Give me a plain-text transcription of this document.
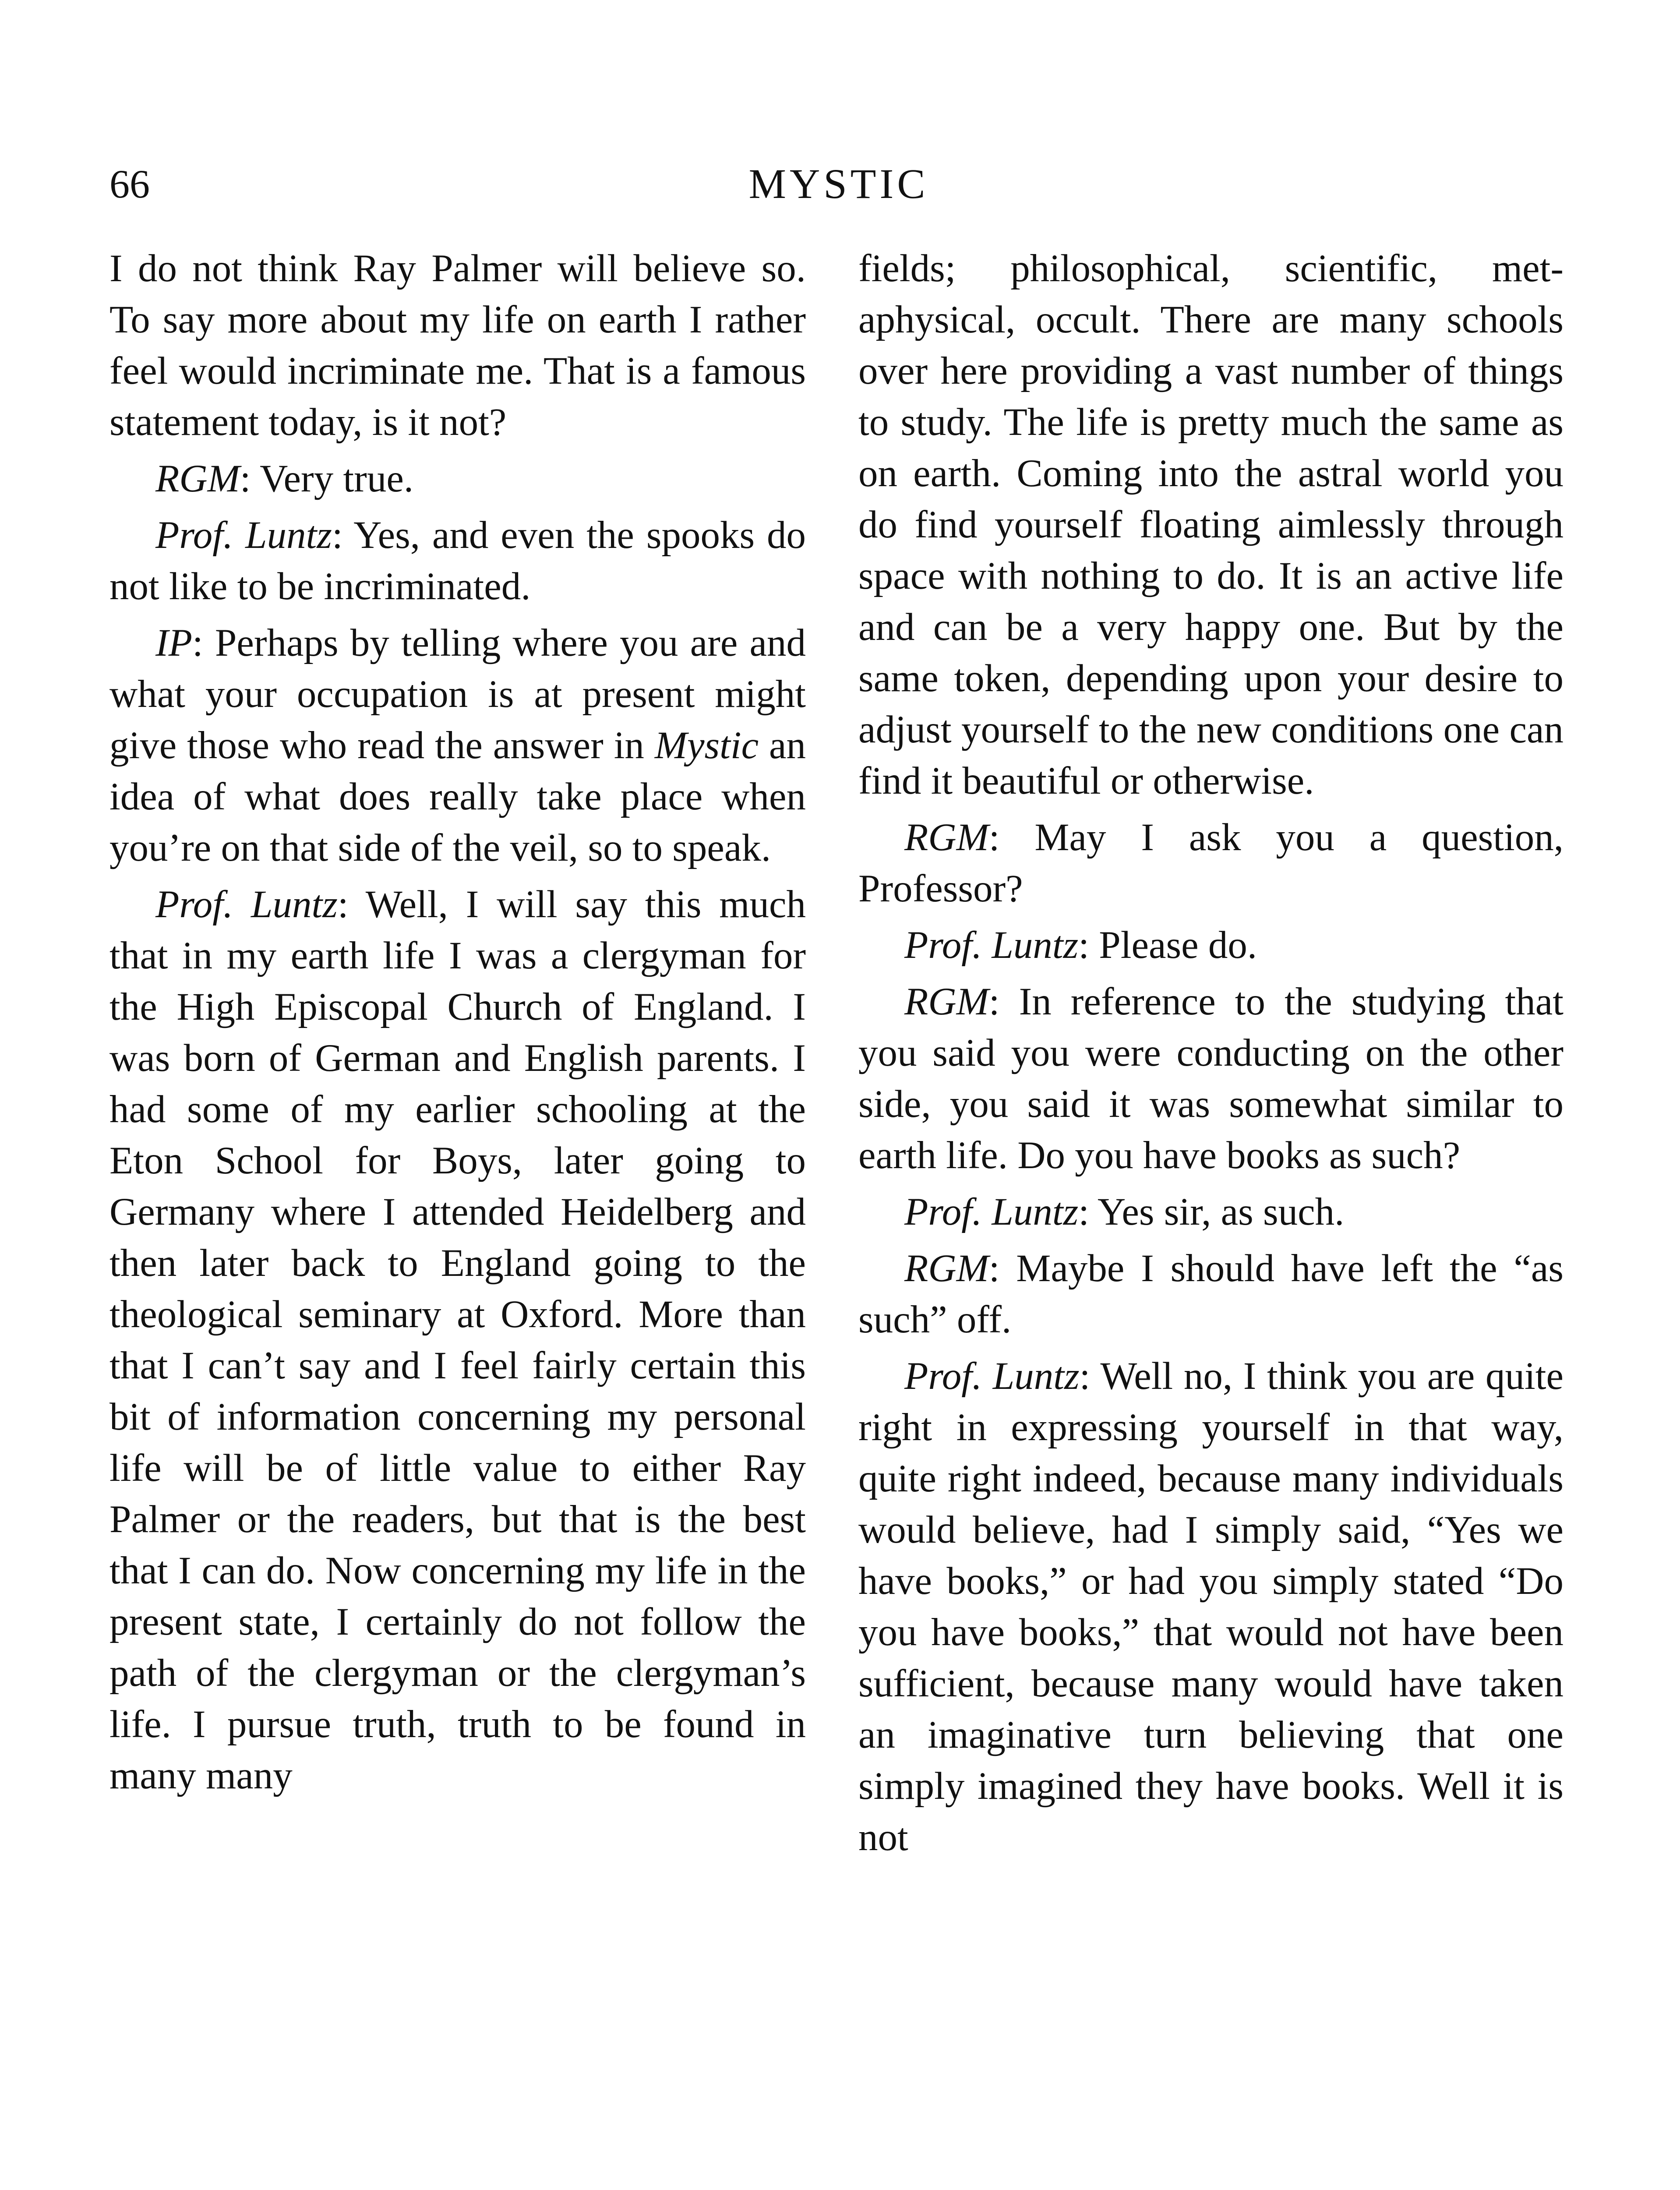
66	MYSTIC

I do not think Ray Palmer will believe so. To say more about my life on earth I rather feel would incriminate me. That is a famous statement today, is it not?

RGM: Very true.

Prof. Luntz: Yes, and even the spooks do not like to be incriminated.

IP: Perhaps by telling where you are and what your occupation is at present might give those who read the answer in Mystic an idea of what does really take place when you’re on that side of the veil, so to speak.

Prof. Luntz: Well, I will say this much that in my earth life I was a clergyman for the High Episcopal Church of England. I was born of German and English parents. I had some of my earlier schooling at the Eton School for Boys, later going to Germany where I attended Heidelberg and then later back to England going to the theological seminary at Oxford. More than that I can’t say and I feel fairly certain this bit of information concerning my personal life will be of little value to either Ray Palmer or the readers, but that is the best that I can do. Now concerning my life in the present state, I certainly do not follow the path of the clergyman or the clergyman’s life. I pursue truth, truth to be found in many many

fields; philosophical, scientific, metaphysical, occult. There are many schools over here providing a vast number of things to study. The life is pretty much the same as on earth. Coming into the astral world you do find yourself floating aimlessly through space with nothing to do. It is an active life and can be a very happy one. But by the same token, depending upon your desire to adjust yourself to the new conditions one can find it beautiful or otherwise.

RGM: May I ask you a question, Professor?

Prof. Luntz: Please do.

RGM: In reference to the studying that you said you were conducting on the other side, you said it was somewhat similar to earth life. Do you have books as such?

Prof. Luntz: Yes sir, as such.

RGM: Maybe I should have left the “as such” off.

Prof. Luntz: Well no, I think you are quite right in expressing yourself in that way, quite right indeed, because many individuals would believe, had I simply said, “Yes we have books,” or had you simply stated “Do you have books,” that would not have been sufficient, because many would have taken an imaginative turn believing that one simply imagined they have books. Well it is not
